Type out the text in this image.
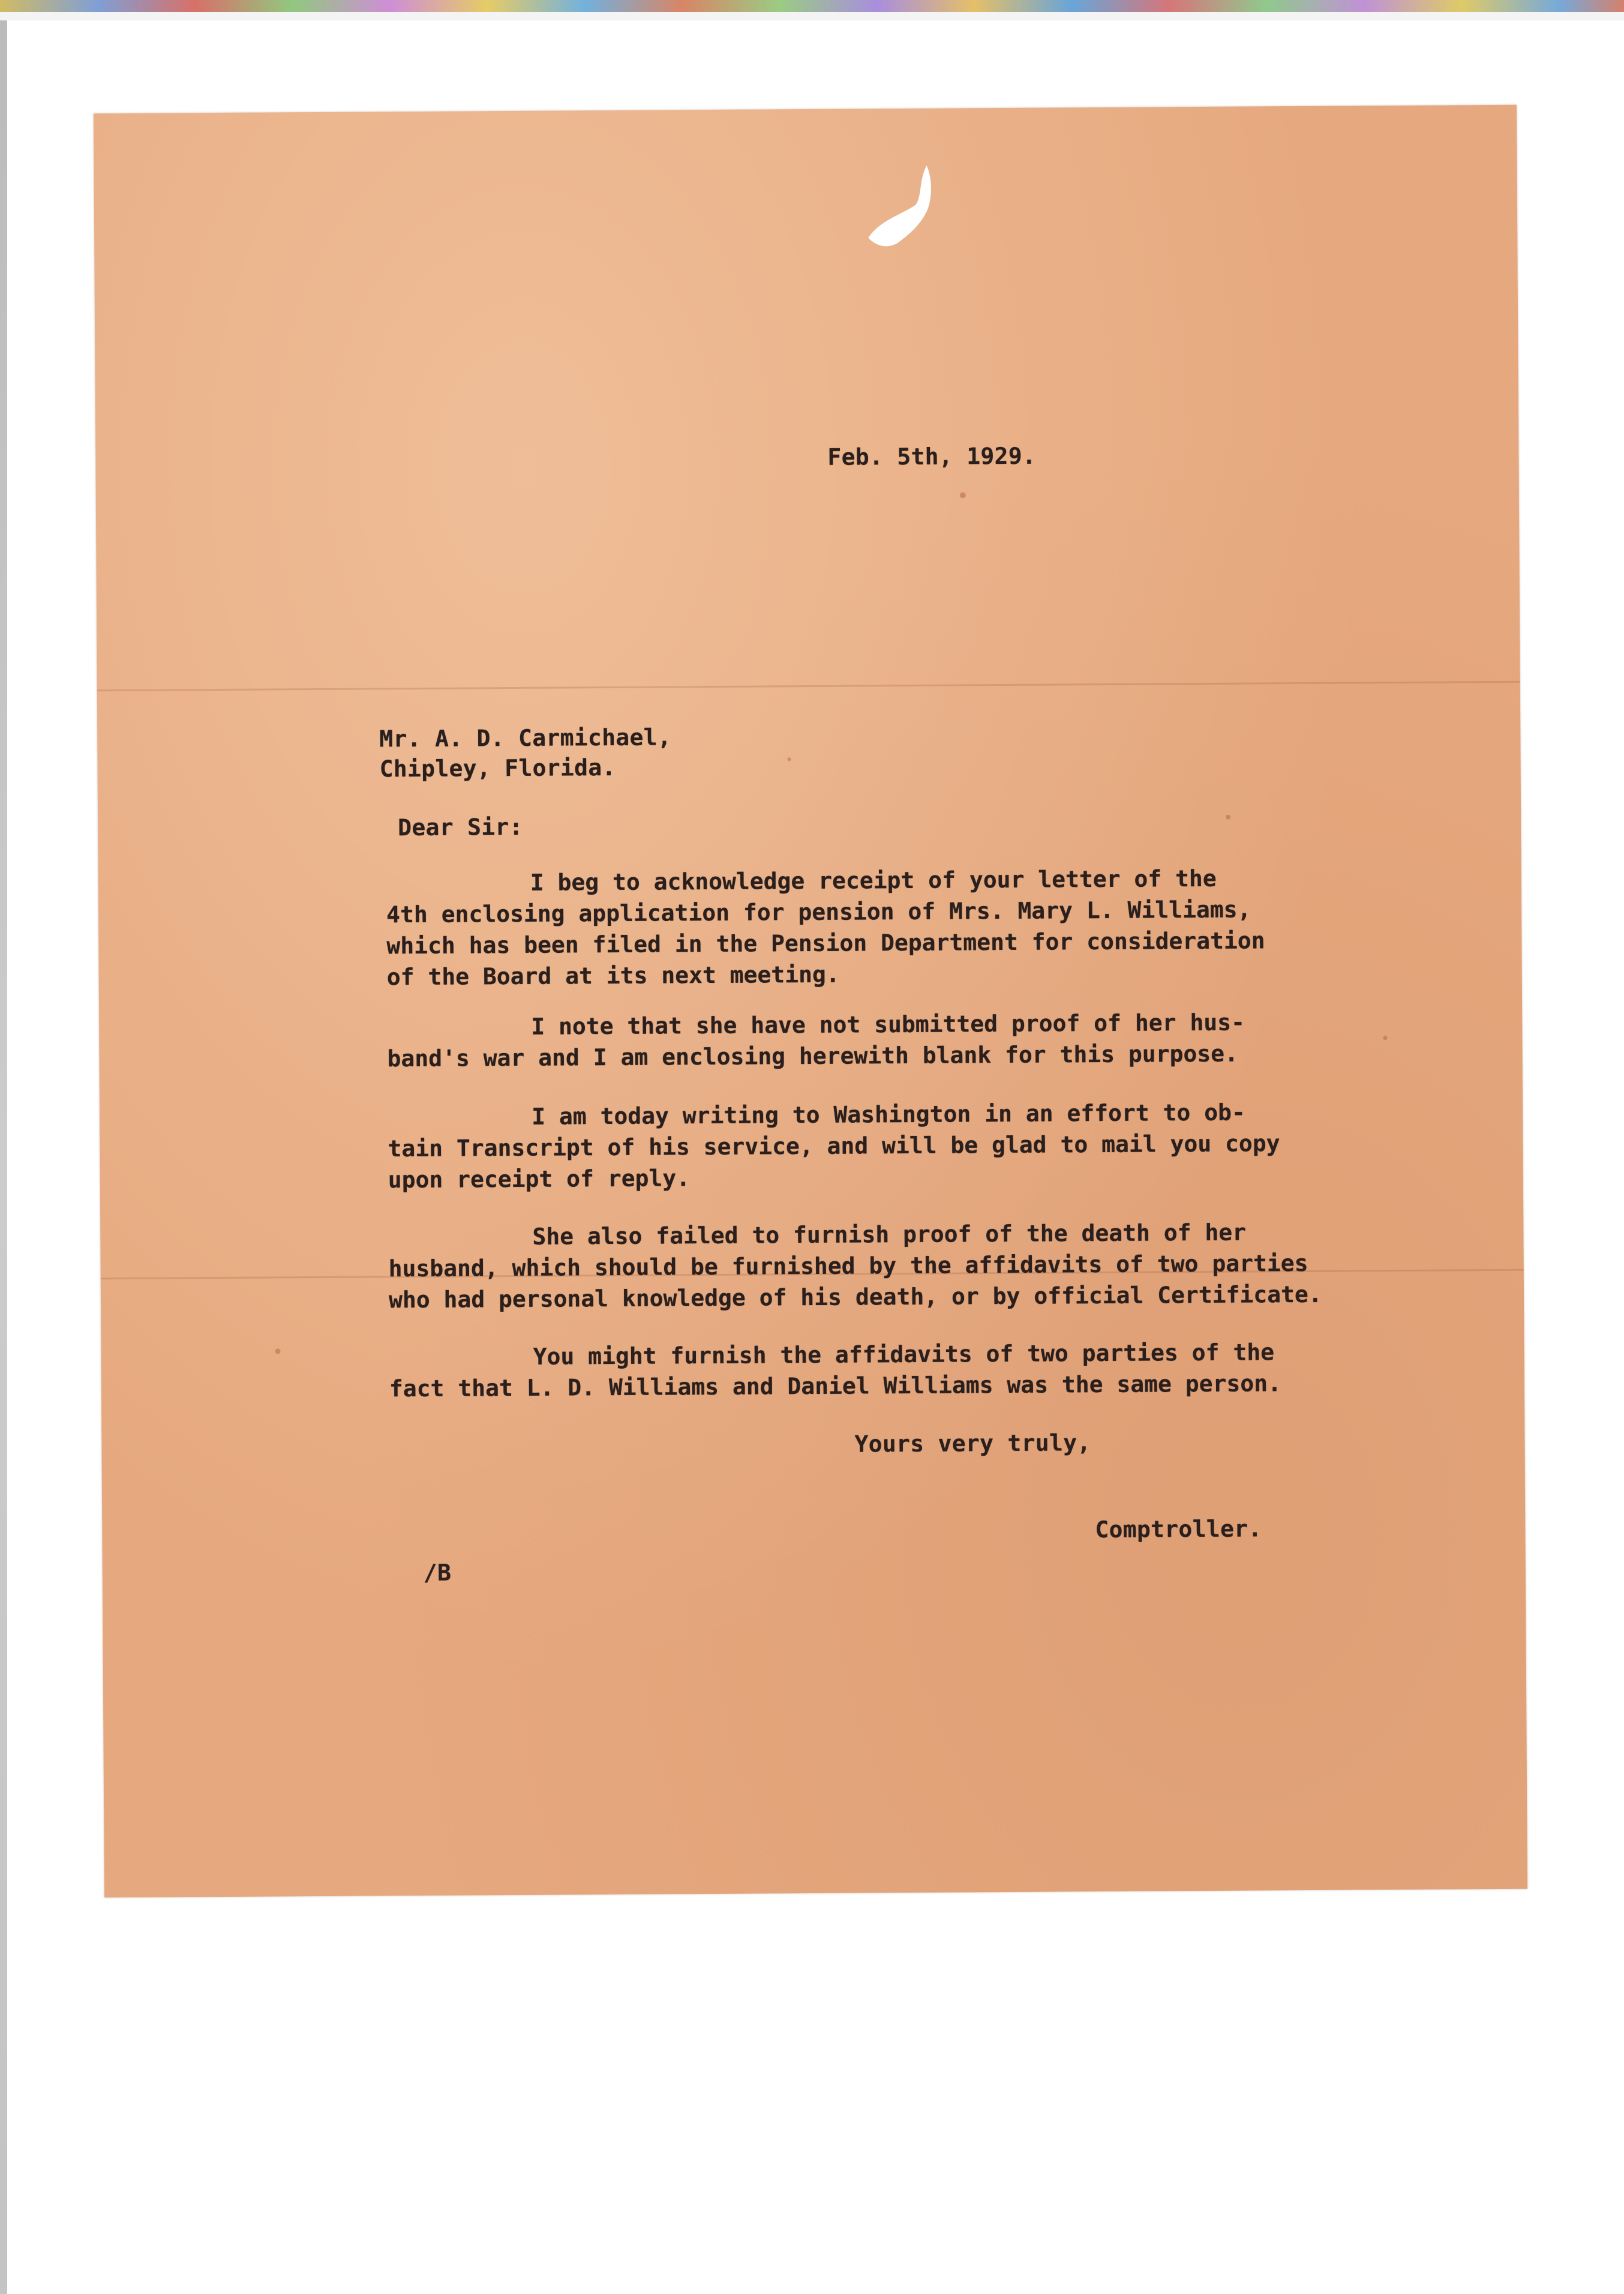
Feb. 5th, 1929.
Mr. A. D. Carmichael,
Chipley, Florida.
Dear Sir:
I beg to acknowledge receipt of your letter of the
4th enclosing application for pension of Mrs. Mary L. Williams,
which has been filed in the Pension Department for consideration
of the Board at its next meeting.
I note that she have not submitted proof of her hus-
band's war and I am enclosing herewith blank for this purpose.
I am today writing to Washington in an effort to ob-
tain Transcript of his service, and will be glad to mail you copy
upon receipt of reply.
She also failed to furnish proof of the death of her
husband, which should be furnished by the affidavits of two parties
who had personal knowledge of his death, or by official Certificate.
You might furnish the affidavits of two parties of the
fact that L. D. Williams and Daniel Williams was the same person.
Yours very truly,
Comptroller.
/B
